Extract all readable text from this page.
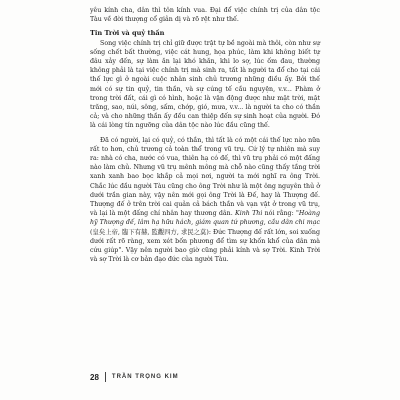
yêu kính cha, dân thì tôn kính vua. Đại để việc chính trị của dân tộc Tàu về đời thượng cổ giản dị và rõ rệt như thế.

Tin Trời và quỷ thần

Song việc chính trị chỉ giữ được trật tự bề ngoài mà thôi, còn như sự sống chết bất thường, việc cát hung, họa phúc, làm khi không biết tự đâu xảy đến, sự làm ăn lại khó khăn, khi lo sợ, lúc ốm đau, thường không phải là tại việc chính trị mà sinh ra, tất là người ta đổ cho tại cái thế lực gì ở ngoài cuộc nhân sinh chủ trương những điều ấy. Bởi thế mới có sự tin quỷ, tin thần, và sự cúng tế cầu nguyện, v.v... Phàm ở trong trời đất, cái gì có hình, hoặc là vận động được như mặt trời, mặt trăng, sao, núi, sông, sấm, chớp, gió, mưa, v.v... là người ta cho có thần cả; và cho những thần ấy đều can thiệp đến sự sinh hoạt của người. Đó là cái lòng tín ngưỡng của dân tộc nào lúc đầu cũng thế.

Đã có người, lại có quỷ, có thần, thì tất là có một cái thế lực nào nữa rất to hơn, chủ trương cả toàn thể trong vũ trụ. Cứ lý tự nhiên mà suy ra: nhà có cha, nước có vua, thiên hạ có đế, thì vũ trụ phải có một đấng nào làm chủ. Nhưng vũ trụ mênh mông mà chỗ nào cũng thấy tầng trời xanh xanh bao bọc khắp cả mọi nơi, người ta mới nghĩ ra ông Trời. Chắc lúc đầu người Tàu cũng cho ông Trời như là một ông nguyên thủ ở dưới trần gian này, vậy nên mới gọi ông Trời là Đế, hay là Thượng đế. Thượng đế ở trên trời cai quản cả bách thần và vạn vật ở trong vũ trụ, và lại là một đấng chí nhân hay thương dân. Kinh Thi nói rằng: "Hoàng hỹ Thượng đế, lâm hạ hữu hách, giám quan tứ phương, cầu dân chi mạc (皇矣上帝, 臨下有赫, 監觀四方, 求民之莫): Đức Thượng đế rất lớn, soi xuống dưới rất rõ ràng, xem xét bốn phương để tìm sự khốn khổ của dân mà cứu giúp". Vậy nên người bao giờ cũng phải kính và sợ Trời. Kinh Trời và sợ Trời là cơ bản đạo đức của người Tàu.

28 TRẦN TRỌNG KIM
